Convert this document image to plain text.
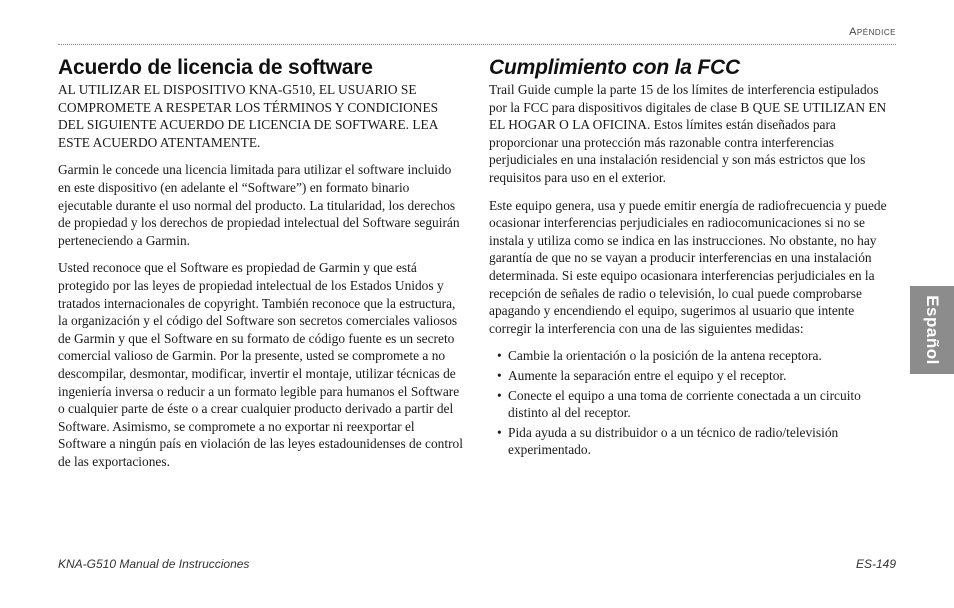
Apéndice
Acuerdo de licencia de software

AL UTILIZAR EL DISPOSITIVO KNA-G510, EL USUARIO SE COMPROMETE A RESPETAR LOS TÉRMINOS Y CONDICIONES DEL SIGUIENTE ACUERDO DE LICENCIA DE SOFTWARE. LEA ESTE ACUERDO ATENTAMENTE.

Garmin le concede una licencia limitada para utilizar el software incluido en este dispositivo (en adelante el “Software”) en formato binario ejecutable durante el uso normal del producto. La titularidad, los derechos de propiedad y los derechos de propiedad intelectual del Software seguirán perteneciendo a Garmin.

Usted reconoce que el Software es propiedad de Garmin y que está protegido por las leyes de propiedad intelectual de los Estados Unidos y tratados internacionales de copyright. También reconoce que la estructura, la organización y el código del Software son secretos comerciales valiosos de Garmin y que el Software en su formato de código fuente es un secreto comercial valioso de Garmin. Por la presente, usted se compromete a no descompilar, desmontar, modificar, invertir el montaje, utilizar técnicas de ingeniería inversa o reducir a un formato legible para humanos el Software o cualquier parte de éste o a crear cualquier producto derivado a partir del Software. Asimismo, se compromete a no exportar ni reexportar el Software a ningún país en violación de las leyes estadounidenses de control de las exportaciones.

Cumplimiento con la FCC

Trail Guide cumple la parte 15 de los límites de interferencia estipulados por la FCC para dispositivos digitales de clase B QUE SE UTILIZAN EN EL HOGAR O LA OFICINA. Estos límites están diseñados para proporcionar una protección más razonable contra interferencias perjudiciales en una instalación residencial y son más estrictos que los requisitos para uso en el exterior.

Este equipo genera, usa y puede emitir energía de radiofrecuencia y puede ocasionar interferencias perjudiciales en radiocomunicaciones si no se instala y utiliza como se indica en las instrucciones. No obstante, no hay garantía de que no se vayan a producir interferencias en una instalación determinada. Si este equipo ocasionara interferencias perjudiciales en la recepción de señales de radio o televisión, lo cual puede comprobarse apagando y encendiendo el equipo, sugerimos al usuario que intente corregir la interferencia con una de las siguientes medidas:

• Cambie la orientación o la posición de la antena receptora.
• Aumente la separación entre el equipo y el receptor.
• Conecte el equipo a una toma de corriente conectada a un circuito distinto al del receptor.
• Pida ayuda a su distribuidor o a un técnico de radio/televisión experimentado.
Español
KNA-G510 Manual de Instrucciones	ES-149
